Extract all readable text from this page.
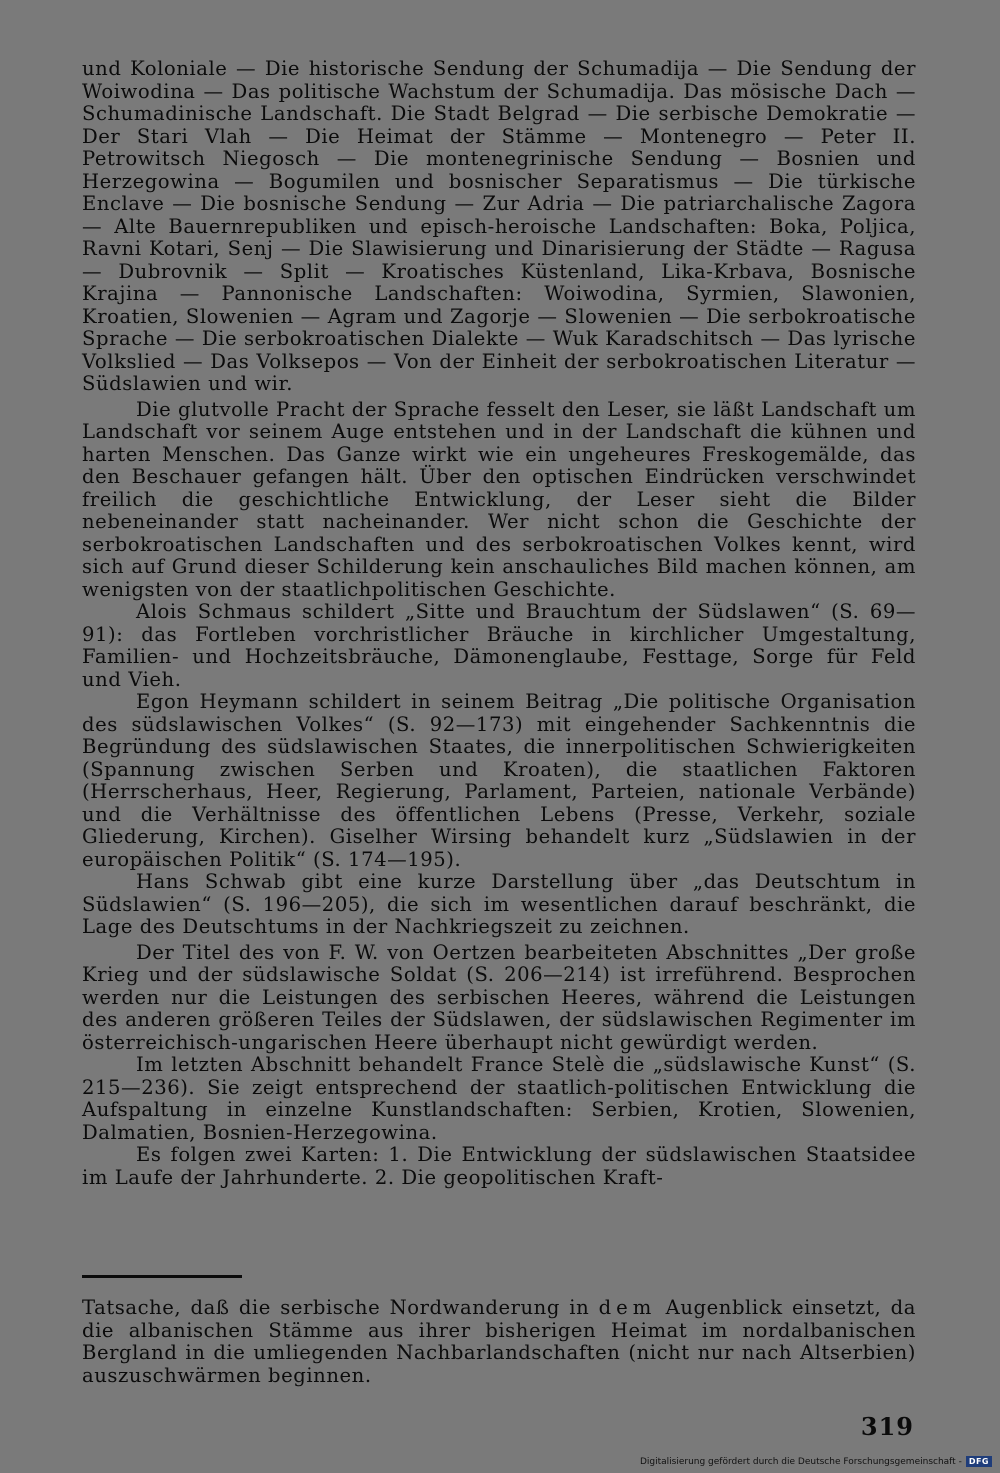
und Koloniale — Die historische Sendung der Schumadija — Die Sendung der Woiwodina — Das politische Wachstum der Schumadija. Das mösische Dach — Schumadinische Landschaft. Die Stadt Belgrad — Die serbische Demokratie — Der Stari Vlah — Die Heimat der Stämme — Montenegro — Peter II. Petrowitsch Niegosch — Die montenegrinische Sendung — Bosnien und Herzegowina — Bogumilen und bosnischer Separatismus — Die türkische Enclave — Die bosnische Sendung — Zur Adria — Die patriarchalische Zagora — Alte Bauernrepubliken und episch-heroische Landschaften: Boka, Poljica, Ravni Kotari, Senj — Die Slawisierung und Dinarisierung der Städte — Ragusa — Dubrovnik — Split — Kroatisches Küstenland, Lika-Krbava, Bosnische Krajina — Pannonische Landschaften: Woiwodina, Syrmien, Slawonien, Kroatien, Slowenien — Agram und Zagorje — Slowenien — Die serbokroatische Sprache — Die serbokroatischen Dialekte — Wuk Karadschitsch — Das lyrische Volkslied — Das Volksepos — Von der Einheit der serbokroatischen Literatur — Südslawien und wir.

Die glutvolle Pracht der Sprache fesselt den Leser, sie läßt Landschaft um Landschaft vor seinem Auge entstehen und in der Landschaft die kühnen und harten Menschen. Das Ganze wirkt wie ein ungeheures Freskogemälde, das den Beschauer gefangen hält. Über den optischen Eindrücken verschwindet freilich die geschichtliche Entwicklung, der Leser sieht die Bilder nebeneinander statt nacheinander. Wer nicht schon die Geschichte der serbokroatischen Landschaften und des serbokroatischen Volkes kennt, wird sich auf Grund dieser Schilderung kein anschauliches Bild machen können, am wenigsten von der staatlichpolitischen Geschichte.

Alois Schmaus schildert „Sitte und Brauchtum der Südslawen“ (S. 69—91): das Fortleben vorchristlicher Bräuche in kirchlicher Umgestaltung, Familien- und Hochzeitsbräuche, Dämonenglaube, Festtage, Sorge für Feld und Vieh.

Egon Heymann schildert in seinem Beitrag „Die politische Organisation des südslawischen Volkes“ (S. 92—173) mit eingehender Sachkenntnis die Begründung des südslawischen Staates, die innerpolitischen Schwierigkeiten (Spannung zwischen Serben und Kroaten), die staatlichen Faktoren (Herrscherhaus, Heer, Regierung, Parlament, Parteien, nationale Verbände) und die Verhältnisse des öffentlichen Lebens (Presse, Verkehr, soziale Gliederung, Kirchen). Giselher Wirsing behandelt kurz „Südslawien in der europäischen Politik“ (S. 174—195).

Hans Schwab gibt eine kurze Darstellung über „das Deutschtum in Südslawien“ (S. 196—205), die sich im wesentlichen darauf beschränkt, die Lage des Deutschtums in der Nachkriegszeit zu zeichnen.

Der Titel des von F. W. von Oertzen bearbeiteten Abschnittes „Der große Krieg und der südslawische Soldat (S. 206—214) ist irreführend. Besprochen werden nur die Leistungen des serbischen Heeres, während die Leistungen des anderen größeren Teiles der Südslawen, der südslawischen Regimenter im österreichisch-ungarischen Heere überhaupt nicht gewürdigt werden.

Im letzten Abschnitt behandelt France Stelè die „südslawische Kunst“ (S. 215—236). Sie zeigt entsprechend der staatlich-politischen Entwicklung die Aufspaltung in einzelne Kunstlandschaften: Serbien, Krotien, Slowenien, Dalmatien, Bosnien-Herzegowina.

Es folgen zwei Karten: 1. Die Entwicklung der südslawischen Staatsidee im Laufe der Jahrhunderte. 2. Die geopolitischen Kraft-

Tatsache, daß die serbische Nordwanderung in dem Augenblick einsetzt, da die albanischen Stämme aus ihrer bisherigen Heimat im nordalbanischen Bergland in die umliegenden Nachbarlandschaften (nicht nur nach Altserbien) auszuschwärmen beginnen.

319
Digitalisierung gefördert durch die Deutsche Forschungsgemeinschaft - DFG
